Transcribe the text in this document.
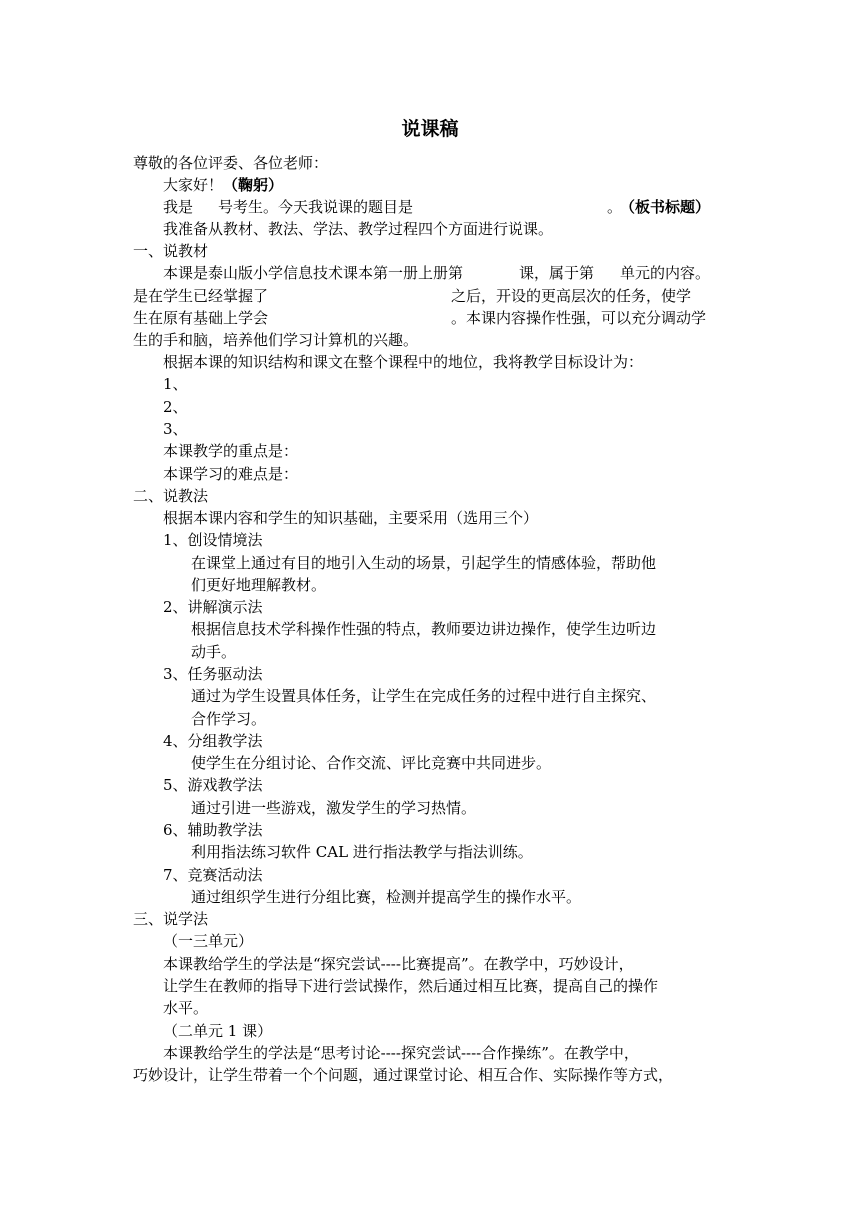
说课稿
尊敬的各位评委、各位老师：
大家好！（鞠躬）
我是 号考生。今天我说课的题目是	。
（板书标题）
我准备从教材、教法、学法、教学过程四个方面进行说课。
一、说教材
本课是泰山版小学信息技术课本第一册上册第	课，属于第 单元的内容。
是在学生已经掌握了	之后，开设的更高层次的任务，使学
生在原有基础上学会	。本课内容操作性强，可以充分调动学
生的手和脑，培养他们学习计算机的兴趣。
根据本课的知识结构和课文在整个课程中的地位，我将教学目标设计为：
1、
2、
3、
本课教学的重点是：
本课学习的难点是：
二、说教法
根据本课内容和学生的知识基础，主要采用（选用三个）
1、创设情境法
在课堂上通过有目的地引入生动的场景，引起学生的情感体验，帮助他
们更好地理解教材。
2、讲解演示法
根据信息技术学科操作性强的特点，教师要边讲边操作，使学生边听边
动手。
3、任务驱动法
通过为学生设置具体任务，让学生在完成任务的过程中进行自主探究、
合作学习。
4、分组教学法
使学生在分组讨论、合作交流、评比竞赛中共同进步。
5、游戏教学法
通过引进一些游戏，激发学生的学习热情。
6、辅助教学法
利用指法练习软件 CAL 进行指法教学与指法训练。
7、竞赛活动法
通过组织学生进行分组比赛，检测并提高学生的操作水平。
三、说学法
（一三单元）
本课教给学生的学法是“探究尝试----比赛提高”。在教学中，巧妙设计，
让学生在教师的指导下进行尝试操作，然后通过相互比赛，提高自己的操作
水平。
（二单元 1 课）
本课教给学生的学法是“思考讨论----探究尝试----合作操练”。在教学中，
巧妙设计，让学生带着一个个问题，通过课堂讨论、相互合作、实际操作等方式，
